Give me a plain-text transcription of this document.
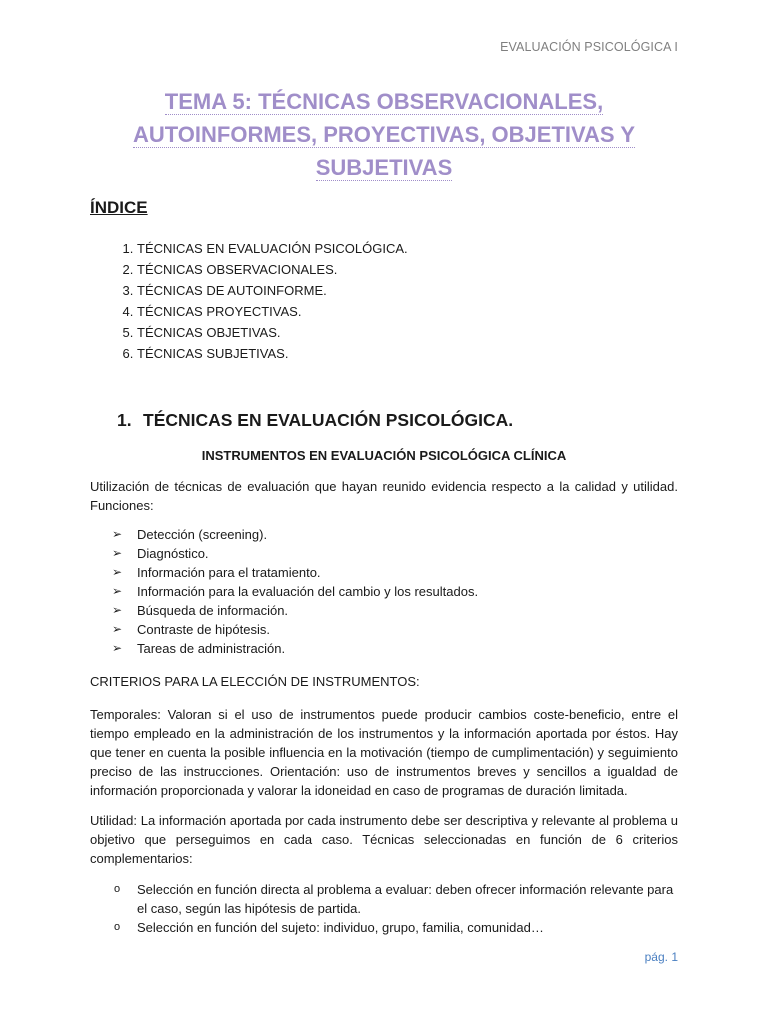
EVALUACIÓN PSICOLÓGICA I
TEMA 5: TÉCNICAS OBSERVACIONALES,
AUTOINFORMES, PROYECTIVAS, OBJETIVAS Y
SUBJETIVAS
ÍNDICE
1. TÉCNICAS EN EVALUACIÓN PSICOLÓGICA.
2. TÉCNICAS OBSERVACIONALES.
3. TÉCNICAS DE AUTOINFORME.
4. TÉCNICAS PROYECTIVAS.
5. TÉCNICAS OBJETIVAS.
6. TÉCNICAS SUBJETIVAS.
1. TÉCNICAS EN EVALUACIÓN PSICOLÓGICA.
INSTRUMENTOS EN EVALUACIÓN PSICOLÓGICA CLÍNICA

Utilización de técnicas de evaluación que hayan reunido evidencia respecto a la calidad y utilidad. Funciones:

➢ Detección (screening).
➢ Diagnóstico.
➢ Información para el tratamiento.
➢ Información para la evaluación del cambio y los resultados.
➢ Búsqueda de información.
➢ Contraste de hipótesis.
➢ Tareas de administración.

CRITERIOS PARA LA ELECCIÓN DE INSTRUMENTOS:

Temporales: Valoran si el uso de instrumentos puede producir cambios coste-beneficio, entre el tiempo empleado en la administración de los instrumentos y la información aportada por éstos. Hay que tener en cuenta la posible influencia en la motivación (tiempo de cumplimentación) y seguimiento preciso de las instrucciones. Orientación: uso de instrumentos breves y sencillos a igualdad de información proporcionada y valorar la idoneidad en caso de programas de duración limitada.

Utilidad: La información aportada por cada instrumento debe ser descriptiva y relevante al problema u objetivo que perseguimos en cada caso. Técnicas seleccionadas en función de 6 criterios complementarios:

o Selección en función directa al problema a evaluar: deben ofrecer información relevante para el caso, según las hipótesis de partida.
o Selección en función del sujeto: individuo, grupo, familia, comunidad…
pág. 1
